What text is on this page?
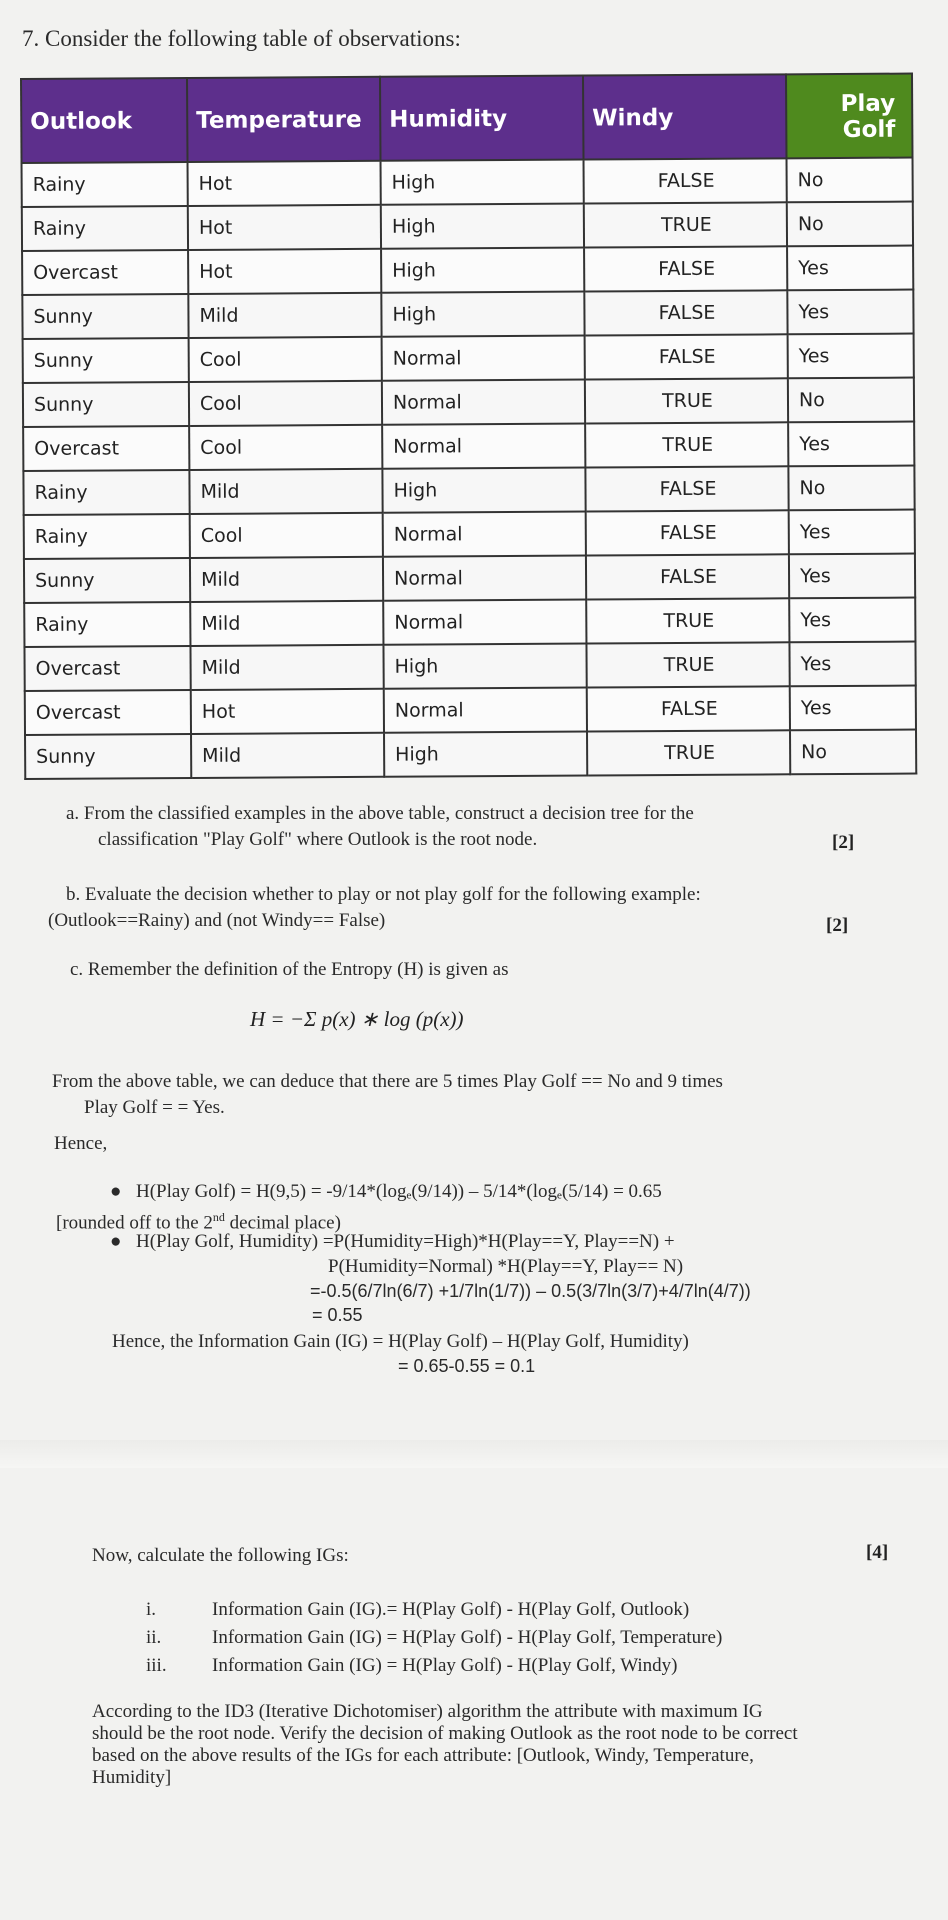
7. Consider the following table of observations:
Outlook	Temperature	Humidity	Windy	Play Golf
Rainy	Hot	High	FALSE	No
Rainy	Hot	High	TRUE	No
Overcast	Hot	High	FALSE	Yes
Sunny	Mild	High	FALSE	Yes
Sunny	Cool	Normal	FALSE	Yes
Sunny	Cool	Normal	TRUE	No
Overcast	Cool	Normal	TRUE	Yes
Rainy	Mild	High	FALSE	No
Rainy	Cool	Normal	FALSE	Yes
Sunny	Mild	Normal	FALSE	Yes
Rainy	Mild	Normal	TRUE	Yes
Overcast	Mild	High	TRUE	Yes
Overcast	Hot	Normal	FALSE	Yes
Sunny	Mild	High	TRUE	No
a. From the classified examples in the above table, construct a decision tree for the
classification "Play Golf" where Outlook is the root node.	[2]
b. Evaluate the decision whether to play or not play golf for the following example:
(Outlook==Rainy) and (not Windy== False)	[2]
c. Remember the definition of the Entropy (H) is given as
H = −Σ p(x) ∗ log (p(x))
From the above table, we can deduce that there are 5 times Play Golf == No and 9 times
Play Golf = = Yes.
Hence,
● H(Play Golf) = H(9,5) = -9/14*(logₑ(9/14)) – 5/14*(logₑ(5/14) = 0.65
[rounded off to the 2nd decimal place)
● H(Play Golf, Humidity) =P(Humidity=High)*H(Play==Y, Play==N) +
P(Humidity=Normal) *H(Play==Y, Play== N)
=-0.5(6/7ln(6/7) +1/7ln(1/7)) – 0.5(3/7ln(3/7)+4/7ln(4/7))
= 0.55
Hence, the Information Gain (IG) = H(Play Golf) – H(Play Golf, Humidity)
= 0.65-0.55 = 0.1
Now, calculate the following IGs:	[4]
i.	Information Gain (IG).= H(Play Golf) - H(Play Golf, Outlook)
ii.	Information Gain (IG) = H(Play Golf) - H(Play Golf, Temperature)
iii. Information Gain (IG) = H(Play Golf) - H(Play Golf, Windy)
According to the ID3 (Iterative Dichotomiser) algorithm the attribute with maximum IG
should be the root node. Verify the decision of making Outlook as the root node to be correct
based on the above results of the IGs for each attribute: [Outlook, Windy, Temperature,
Humidity]
